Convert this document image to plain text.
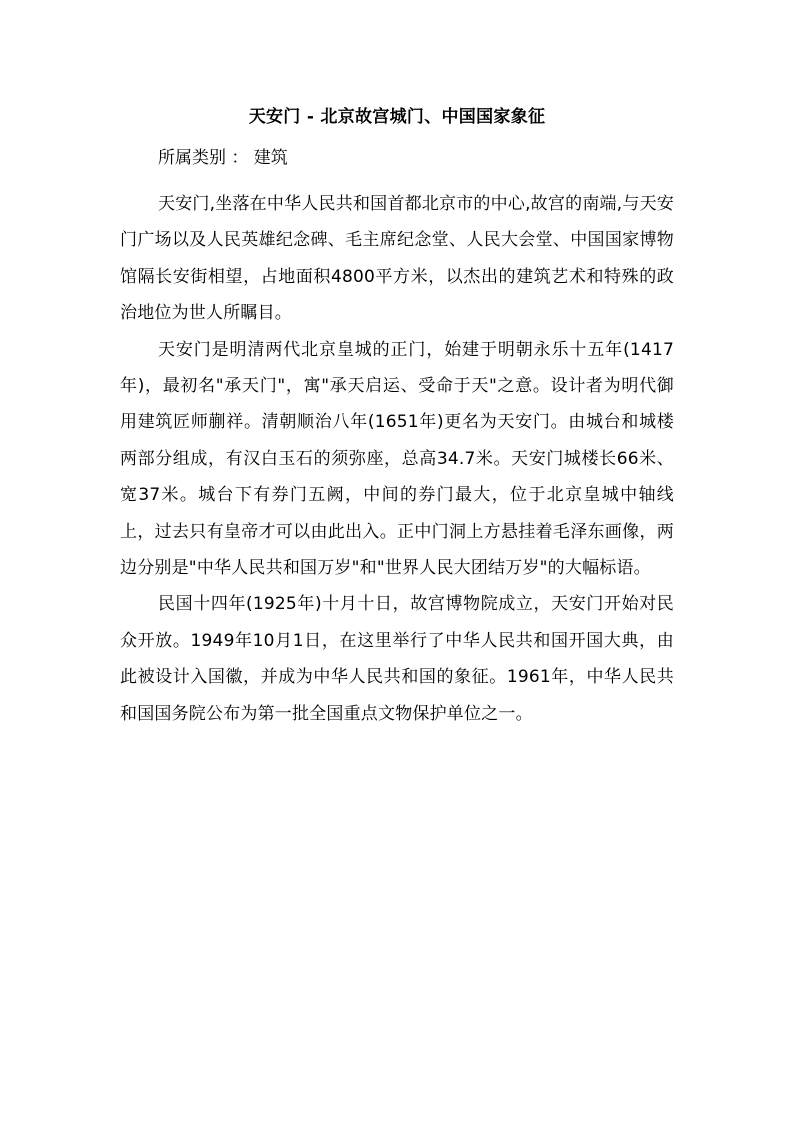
天安门 - 北京故宫城门、中国国家象征

所属类别 ： 建筑

天安门,坐落在中华人民共和国首都北京市的中心,故宫的南端,与天安门广场以及人民英雄纪念碑、毛主席纪念堂、人民大会堂、中国国家博物馆隔长安街相望，占地面积4800平方米，以杰出的建筑艺术和特殊的政治地位为世人所瞩目。

天安门是明清两代北京皇城的正门，始建于明朝永乐十五年(1417年)，最初名"承天门"，寓"承天启运、受命于天"之意。设计者为明代御用建筑匠师蒯祥。清朝顺治八年(1651年)更名为天安门。由城台和城楼两部分组成，有汉白玉石的须弥座，总高34.7米。天安门城楼长66米、宽37米。城台下有券门五阙，中间的券门最大，位于北京皇城中轴线上，过去只有皇帝才可以由此出入。正中门洞上方悬挂着毛泽东画像，两边分别是"中华人民共和国万岁"和"世界人民大团结万岁"的大幅标语。

民国十四年(1925年)十月十日，故宫博物院成立，天安门开始对民众开放。1949年10月1日，在这里举行了中华人民共和国开国大典，由此被设计入国徽，并成为中华人民共和国的象征。1961年，中华人民共和国国务院公布为第一批全国重点文物保护单位之一。
